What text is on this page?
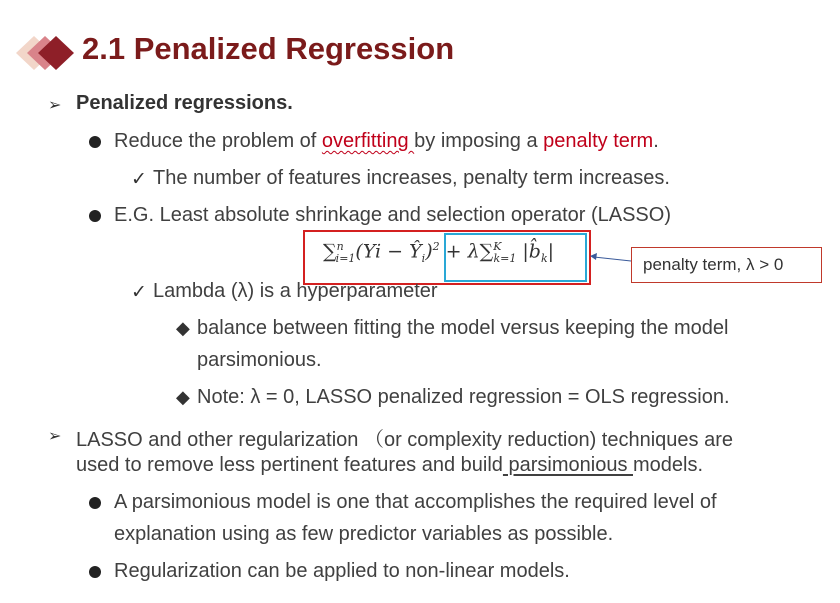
2.1 Penalized Regression
➢ Penalized regressions.
Reduce the problem of overfitting by imposing a penalty term.
✓ The number of features increases, penalty term increases.
E.G. Least absolute shrinkage and selection operator (LASSO)
$\sum^n_{i=1}(Yi - Ŷ_i)^2 + \lambda\sum^K_{k=1}$ $|b̂_k|$
penalty term, λ > 0
✓ Lambda (λ) is a hyperparameter
◆ balance between fitting the model versus keeping the model
parsimonious.
◆ Note: λ = 0, LASSO penalized regression = OLS regression.
➢ LASSO and other regularization （or complexity reduction) techniques are
used to remove less pertinent features and build parsimonious models.
A parsimonious model is one that accomplishes the required level of
explanation using as few predictor variables as possible.
Regularization can be applied to non-linear models.
